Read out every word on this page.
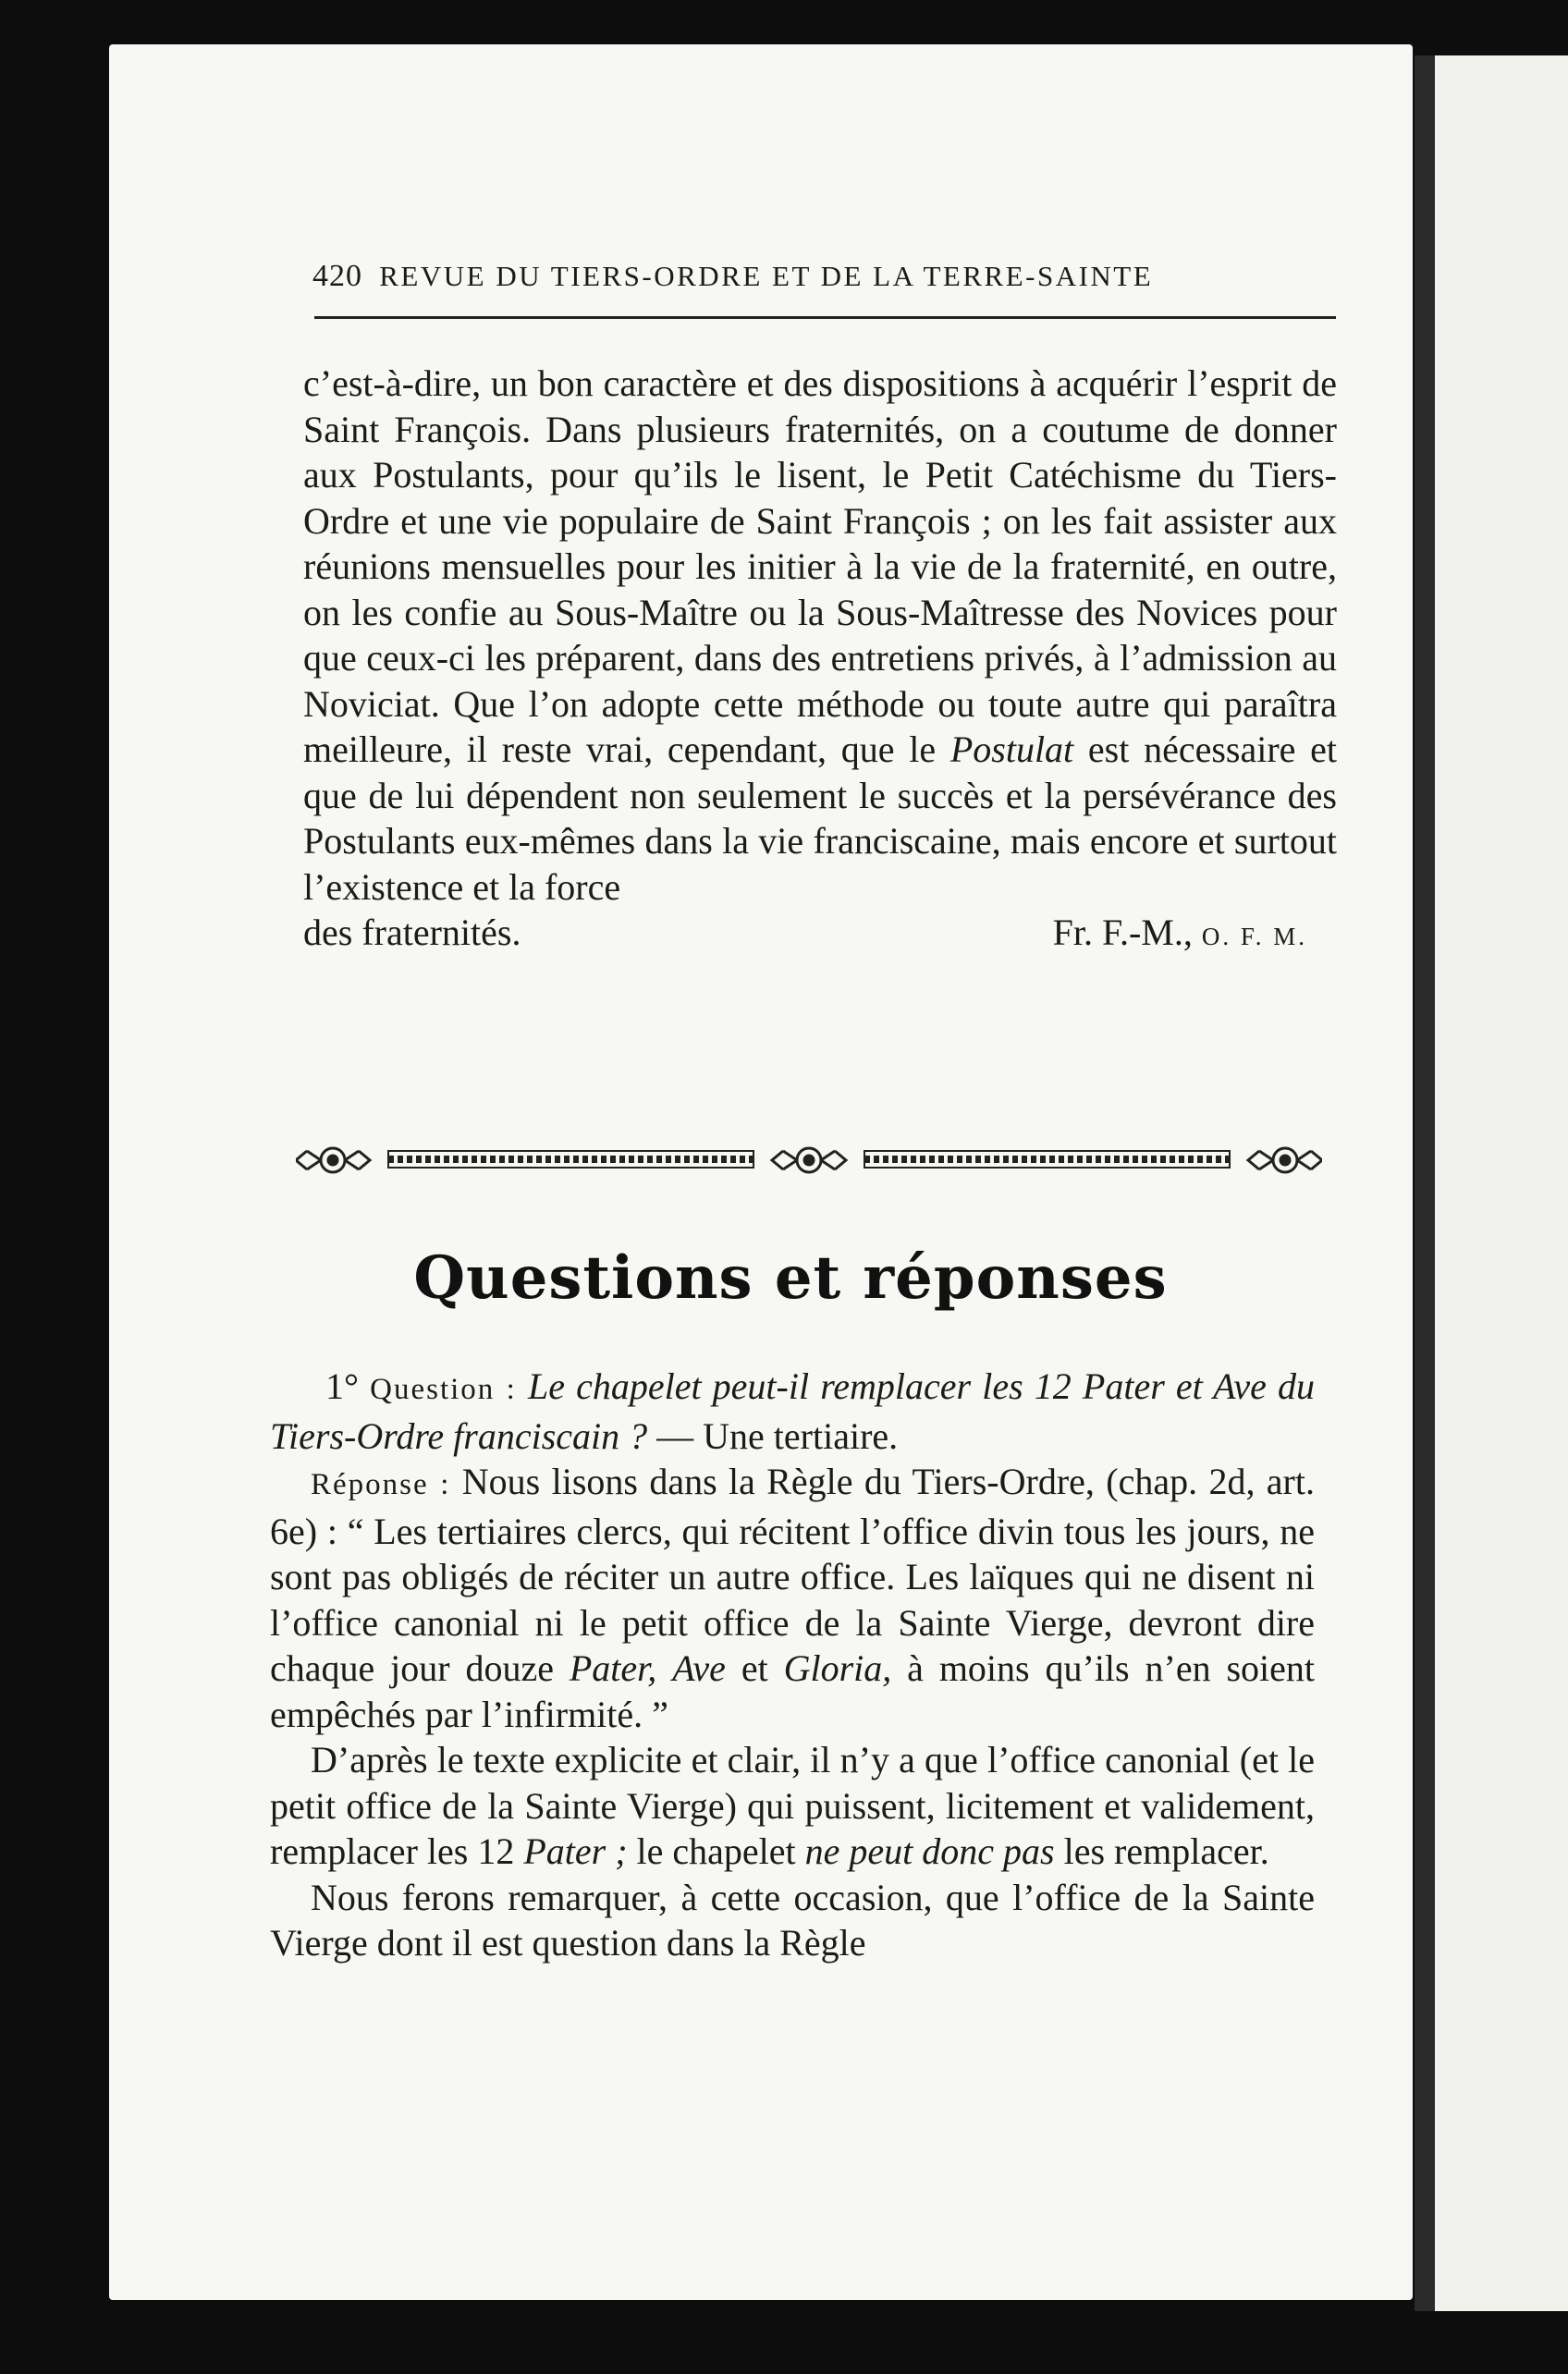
420 REVUE DU TIERS-ORDRE ET DE LA TERRE-SAINTE

c’est-à-dire, un bon caractère et des dispositions à acquérir l’esprit de Saint François. Dans plusieurs fraternités, on a coutume de donner aux Postulants, pour qu’ils le lisent, le Petit Catéchisme du Tiers-Ordre et une vie populaire de Saint François ; on les fait assister aux réunions mensuelles pour les initier à la vie de la fraternité, en outre, on les confie au Sous-Maître ou la Sous-Maîtresse des Novices pour que ceux-ci les préparent, dans des entretiens privés, à l’admission au Noviciat. Que l’on adopte cette méthode ou toute autre qui paraîtra meilleure, il reste vrai, cependant, que le Postulat est nécessaire et que de lui dépendent non seulement le succès et la persévérance des Postulants eux-mêmes dans la vie franciscaine, mais encore et surtout l’existence et la force

des fraternités.	Fr. F.-M., O. F. M.
Questions et réponses

1° Question : Le chapelet peut-il remplacer les 12 Pater et Ave du Tiers-Ordre franciscain ? — Une tertiaire.

Réponse : Nous lisons dans la Règle du Tiers-Ordre, (chap. 2d, art. 6e) : “ Les tertiaires clercs, qui récitent l’office divin tous les jours, ne sont pas obligés de réciter un autre office. Les laïques qui ne disent ni l’office canonial ni le petit office de la Sainte Vierge, devront dire chaque jour douze Pater, Ave et Gloria, à moins qu’ils n’en soient empêchés par l’infirmité. ”

D’après le texte explicite et clair, il n’y a que l’office canonial (et le petit office de la Sainte Vierge) qui puissent, licitement et validement, remplacer les 12 Pater ; le chapelet ne peut donc pas les remplacer.

Nous ferons remarquer, à cette occasion, que l’office de la Sainte Vierge dont il est question dans la Règle
